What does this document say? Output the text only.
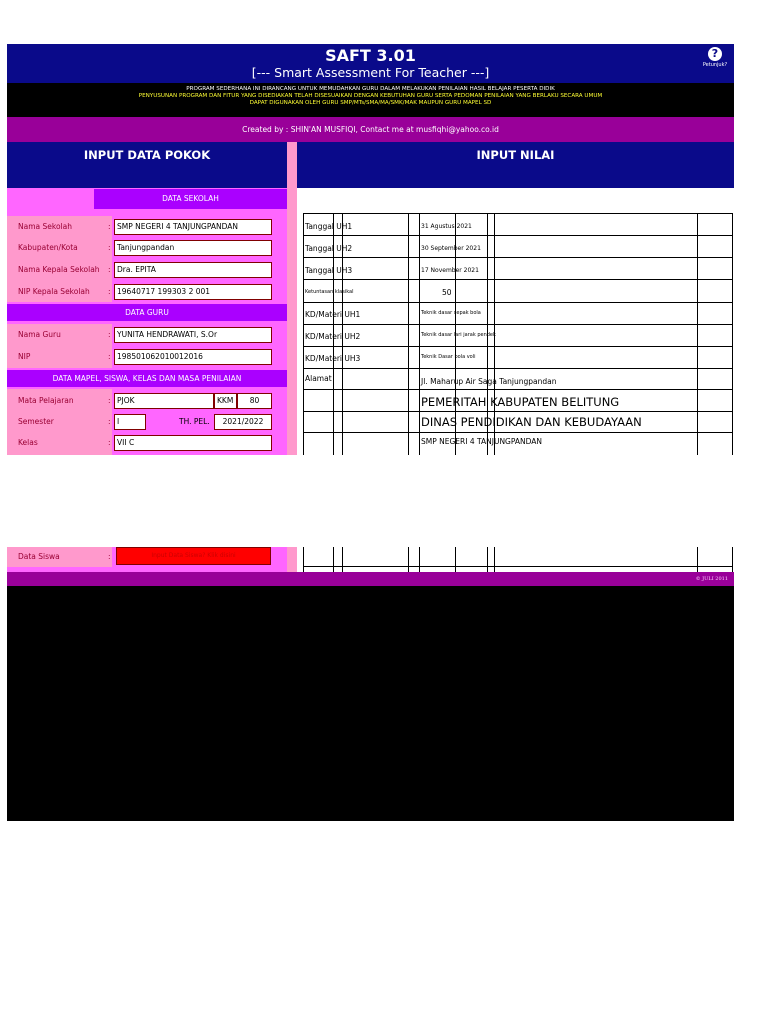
SAFT 3.01
[--- Smart Assessment For Teacher ---]
?
Petunjuk?
PROGRAM SEDERHANA INI DIRANCANG UNTUK MEMUDAHKAN GURU DALAM MELAKUKAN PENILAIAN HASIL BELAJAR PESERTA DIDIK
PENYUSUNAN PROGRAM DAN FITUR YANG DISEDIAKAN TELAH DISESUAIKAN DENGAN KEBUTUHAN GURU SERTA PEDOMAN PENILAIAN YANG BERLAKU SECARA UMUM
DAPAT DIGUNAKAN OLEH GURU SMP/MTs/SMA/MA/SMK/MAK MAUPUN GURU MAPEL SD
Created by : SHIN'AN MUSFIQI, Contact me at musfiqhi@yahoo.co.id
INPUT DATA POKOK
DATA SEKOLAH
DATA GURU
DATA MAPEL, SISWA, KELAS DAN MASA PENILAIAN
Nama Sekolah	: SMP NEGERI 4 TANJUNGPANDAN
Kabupaten/Kota	: Tanjungpandan
Nama Kepala Sekolah : Dra. EPITA
NIP Kepala Sekolah : 19640717 199303 2 001
Nama Guru	: YUNITA HENDRAWATI, S.Or
NIP	: 198501062010012016
Mata Pelajaran	: PJOK	KKM	80
Semester	: I	TH. PEL.	2021/2022
Kelas	: VII C
INPUT NILAI
Tanggal UH1	31 Agustus 2021
Tanggal UH2	30 September 2021
Tanggal UH3	17 November 2021
Ketuntasan klasikal	50
KD/Materi UH1	Teknik dasar sepak bola
KD/Materi UH2	Teknik dasar lari jarak pendek
KD/Materi UH3	Teknik Dasar bola voli
Alamat	Jl. Maharup Air Saga Tanjungpandan
PEMERITAH KABUPATEN BELITUNG
DINAS PENDIDIKAN DAN KEBUDAYAAN
SMP NEGERI 4 TANJUNGPANDAN
Data Siswa	:	Input Data Siswa? Klik disini
© JULI 2011
